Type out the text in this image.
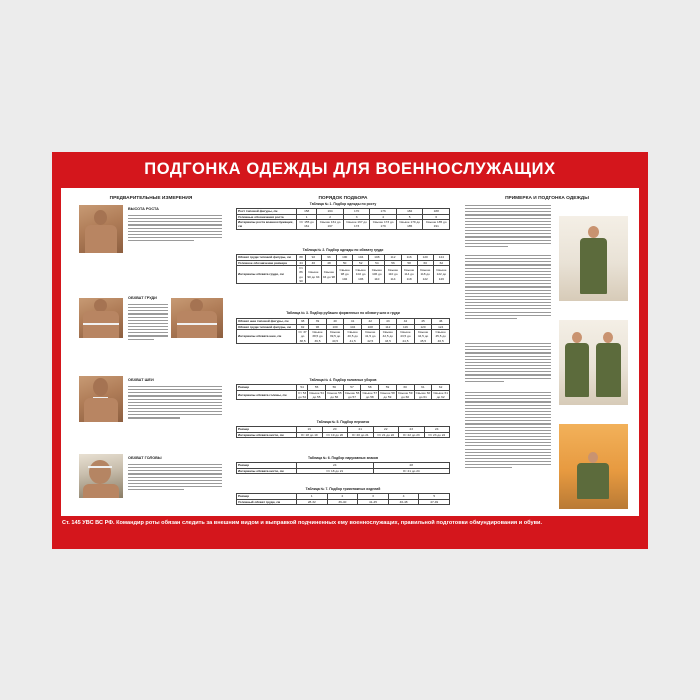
ПОДГОНКА ОДЕЖДЫ ДЛЯ ВОЕННОСЛУЖАЩИХ
ПРЕДВАРИТЕЛЬНЫЕ ИЗМЕРЕНИЯ
ВЫСОТА РОСТА
ОБХВАТ ГРУДИ
ОБХВАТ ШЕИ
ОБХВАТ ГОЛОВЫ
ПОРЯДОК ПОДБОРА
Таблица № 1. Подбор одежды по росту
Рост типовой фигуры, см	158	164	170	176	182	188
Условные обозначения роста	1	2	3	4	5	6
Интервалы роста военнослужащих, см	От 155 до 161	Свыше 161 до 167	Свыше 167 до 173	Свыше 173 до 179	Свыше 179 до 185	Свыше 185 до 191
Таблица № 2. Подбор одежды по обхвату груди
Обхват груди типовой фигуры, см	88	92	96	100	104	108	112	116	120	124
Условное обозначение размера	44	46	48	50	52	54	56	58	60	62
Интервалы обхвата груди, см	От 86 до 90	Свыше 90 до 94	Свыше 94 до 98	Свыше 98 до 102	Свыше 102 до 106	Свыше 106 до 110	Свыше 110 до 114	Свыше 114 до 118	Свыше 118 до 122	Свыше 122 до 126
Таблица № 3. Подбор рубашек форменных по обхвату шеи и груди
Обхват шеи типовой фигуры, см	38	39	40	41	42	43	44	45	46
Обхват груди типовой фигуры, см	92	96	100	104	108	112	116	120	124
Интервалы обхвата шеи, см	От 37 до 38,5	Свыше 38,5 до 39,5	Свыше 39,5 до 40,5	Свыше 40,5 до 41,5	Свыше 41,5 до 42,5	Свыше 42,5 до 43,5	Свыше 43,5 до 44,5	Свыше 44,5 до 45,5	Свыше 45,5 до 46,5
Таблица № 4. Подбор головных уборов
Размер	54	55	56	57	58	59	60	61	62
Интервалы обхвата головы, см	От 53 до 54	Свыше 54 до 55	Свыше 55 до 56	Свыше 56 до 57	Свыше 57 до 58	Свыше 58 до 59	Свыше 59 до 60	Свыше 60 до 61	Свыше 61 до 62
Таблица № 5. Подбор перчаток
Размер	19	20	21	22	23	24
Интервалы обхвата кисти, см	От 18 до 19	От 19 до 20	От 20 до 21	От 21 до 22	От 22 до 23	От 23 до 24
Таблица № 6. Подбор нарукавных знаков
Размер	24	28
Интервалы обхвата кисти, см	От 18 до 21	От 21 до 24
Таблица № 7. Подбор трикотажных изделий
Размер	1	2	3	4	5
Условный обхват груди, см	28-32	36-40	41-45	46-48	47-49
ПРИМЕРКА И ПОДГОНКА ОДЕЖДЫ
Ст. 145 УВС ВС РФ. Командир роты обязан следить за внешним видом и выправкой подчиненных ему военнослужащих, правильной подготовки обмундирования и обуви.
